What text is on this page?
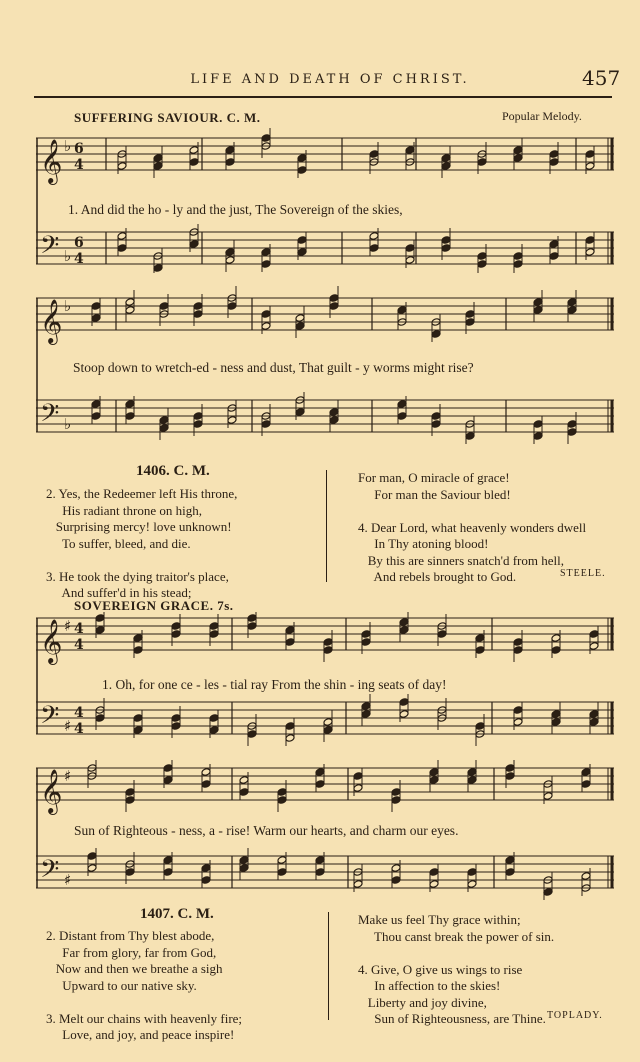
LIFE AND DEATH OF CHRIST.	457
SUFFERING SAVIOUR. C. M.	Popular Melody.
𝄞
𝄢
♭
♭
6
4
6
4
1. And did the ho - ly and the just, The Sovereign of the skies,
𝄞
𝄢
♭
♭
Stoop down to wretch-ed - ness and dust, That guilt - y worms might rise?
1406. C. M.
2. Yes, the Redeemer left His throne,
His radiant throne on high,
Surprising mercy! love unknown!
To suffer, bleed, and die.

3. He took the dying traitor's place,
And suffer'd in his stead;
For man, O miracle of grace!
For man the Saviour bled!

4. Dear Lord, what heavenly wonders dwell
In Thy atoning blood!
By this are sinners snatch'd from hell,
And rebels brought to God.	STEELE.
SOVEREIGN GRACE. 7s.
𝄞
𝄢
♯
♯
4
4
4
4
1. Oh, for one ce - les - tial ray From the shin - ing seats of day!
𝄞
𝄢
♯
♯
Sun of Righteous - ness, a - rise! Warm our hearts, and charm our eyes.
1407. C. M.
2. Distant from Thy blest abode,
Far from glory, far from God,
Now and then we breathe a sigh
Upward to our native sky.

3. Melt our chains with heavenly fire;
Love, and joy, and peace inspire!
Make us feel Thy grace within;
Thou canst break the power of sin.

4. Give, O give us wings to rise
In affection to the skies!
Liberty and joy divine,
Sun of Righteousness, are Thine. TOPLADY.
